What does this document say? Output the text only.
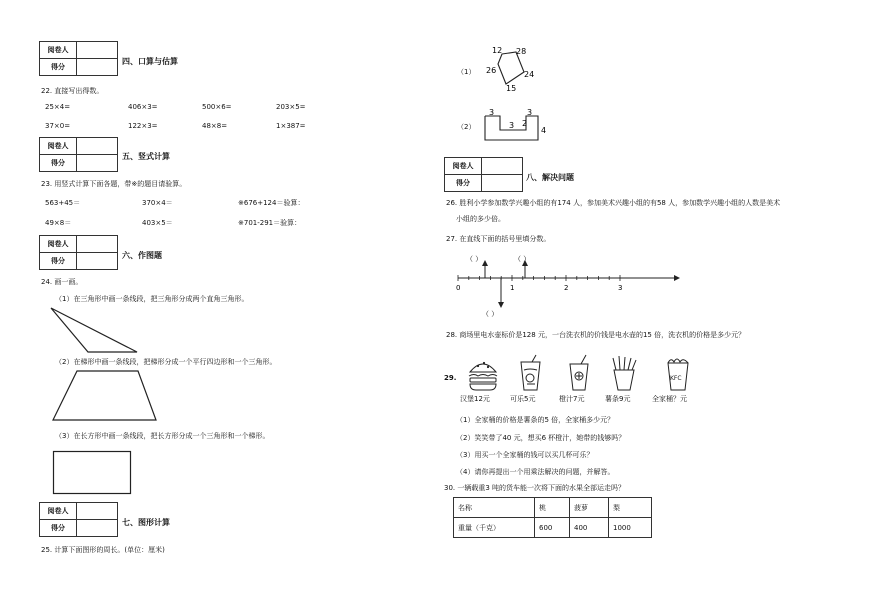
阅卷人	
得分	
四、口算与估算
22. 直接写出得数。
25×4=	406×3=	500×6=	203×5=
37×0=	122×3=	48×8=	1×387=
阅卷人	
得分	
五、竖式计算
23. 用竖式计算下面各题，带※的题目请验算。
563+45＝	370×4＝	※676+124＝验算：
49×8＝	403×5＝	※701-291＝验算：
阅卷人	
得分	
六、作图题
24. 画一画。
（1）在三角形中画一条线段，把三角形分成两个直角三角形。
（2）在梯形中画一条线段，把梯形分成一个平行四边形和一个三角形。
（3）在长方形中画一条线段，把长方形分成一个三角形和一个梯形。
阅卷人	
得分	
七、图形计算
25. 计算下面图形的周长。(单位：厘米)
（1）
12 28
26	24
15
（2）
3	3
3 2
4
阅卷人	
得分	
八、解决问题
26. 胜利小学参加数学兴趣小组的有174 人，参加美术兴趣小组的有58 人，参加数学兴趣小组的人数是美术
小组的多少倍。
27. 在直线下面的括号里填分数。
0	1	2	3
（ ）	（ ）
（ ）
28. 商场里电水壶标价是128 元，一台洗衣机的价钱是电水壶的15 倍，洗衣机的价格是多少元？
29.	KFC
汉堡12元	可乐5元	橙汁7元	薯条9元	全家桶？元
（1）全家桶的价格是薯条的5 倍，全家桶多少元？
（2）笑笑带了40 元，想买6 杯橙汁，她带的钱够吗？
（3）用买一个全家桶的钱可以买几杯可乐？
（4）请你再提出一个用乘法解决的问题，并解答。
30. 一辆载重3 吨的货车能一次将下面的水果全部运走吗？
名称	桃	菠萝	梨
重量（千克）	600	400	1000
